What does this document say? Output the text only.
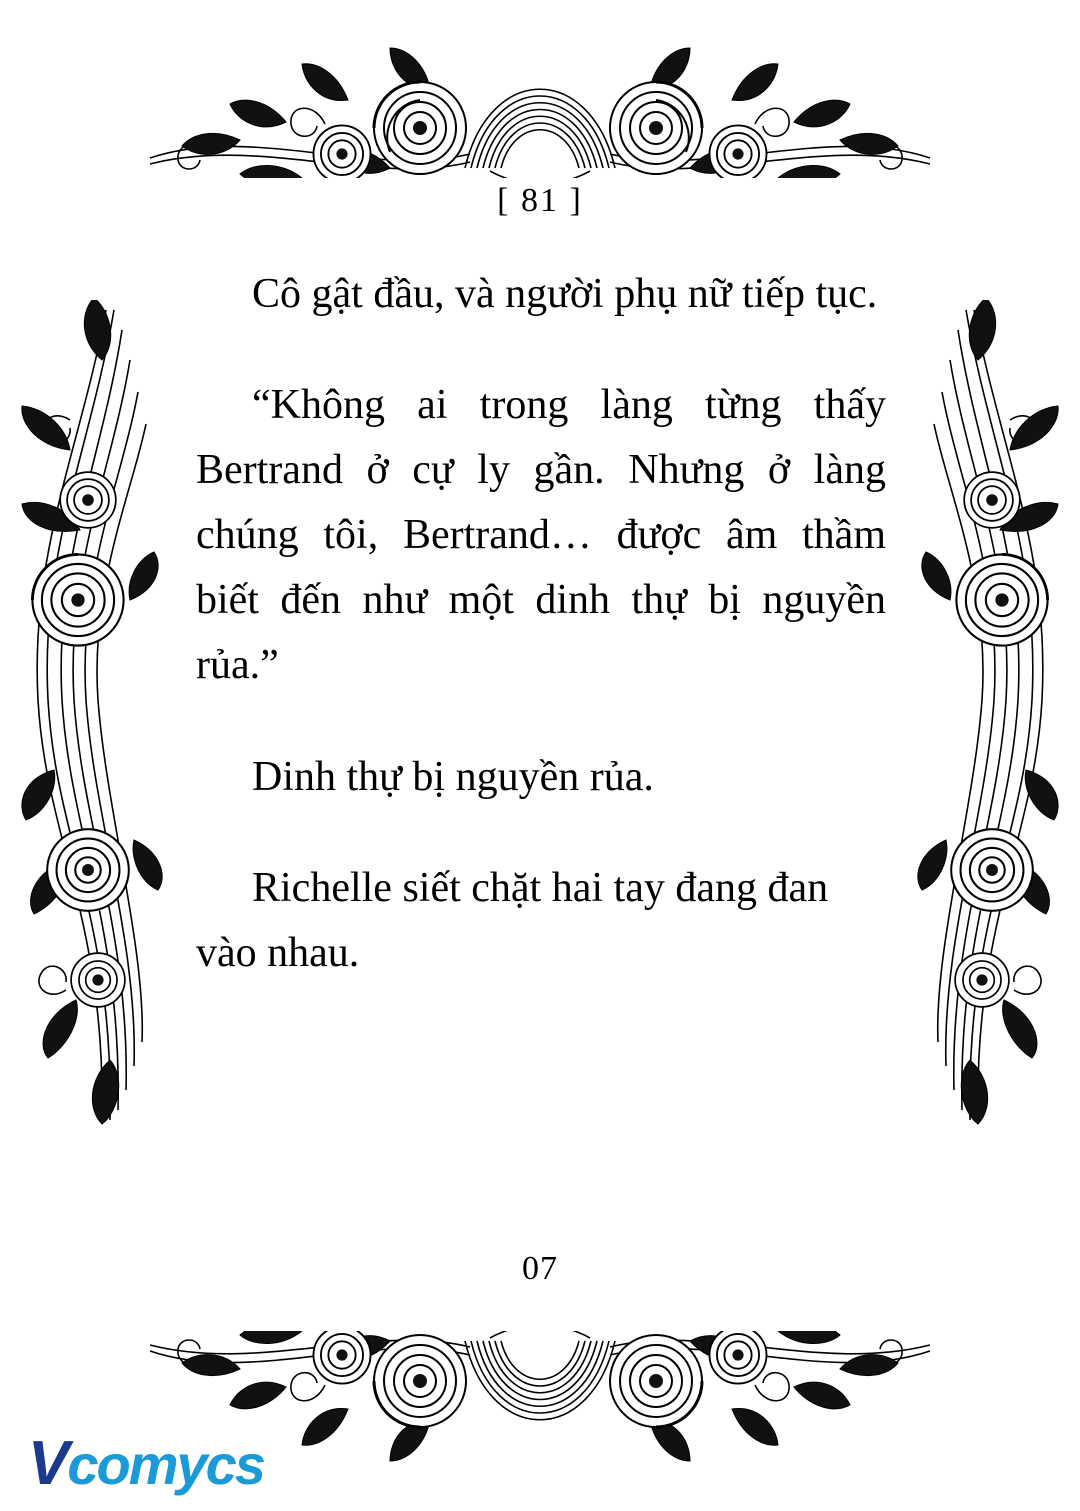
[ 81 ]

Cô gật đầu, và người phụ nữ tiếp tục.

“Không ai trong làng từng thấy Bertrand ở cự ly gần. Nhưng ở làng chúng tôi, Bertrand… được âm thầm biết đến như một dinh thự bị nguyền rủa.”

Dinh thự bị nguyền rủa.

Richelle siết chặt hai tay đang đan vào nhau.

07
Vcomycs
